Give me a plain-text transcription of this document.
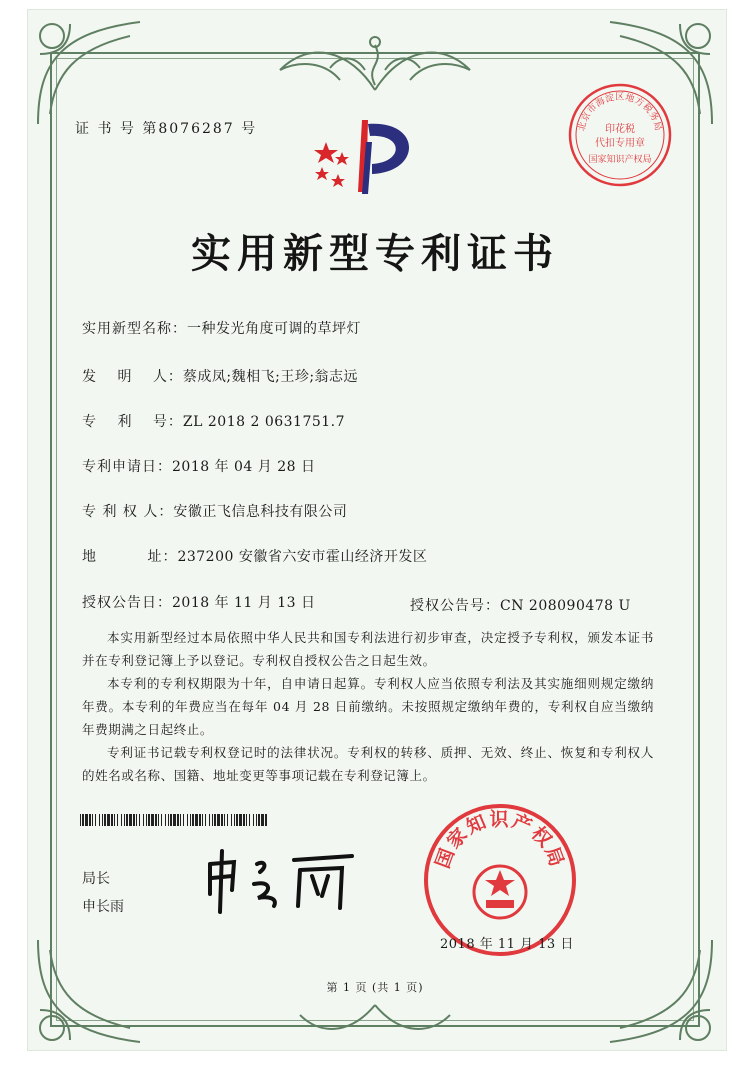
证 书 号 第8076287 号
实用新型专利证书
实用新型名称：一种发光角度可调的草坪灯
发　 明　 人：蔡成凤;魏相飞;王珍;翁志远
专　 利　 号：ZL 2018 2 0631751.7
专利申请日：2018 年 04 月 28 日
专 利 权 人：安徽正飞信息科技有限公司
地　　　 址：237200 安徽省六安市霍山经济开发区
授权公告日：2018 年 11 月 13 日	授权公告号：CN 208090478 U
本实用新型经过本局依照中华人民共和国专利法进行初步审查，决定授予专利权，颁发本证书并在专利登记簿上予以登记。专利权自授权公告之日起生效。
本专利的专利权期限为十年，自申请日起算。专利权人应当依照专利法及其实施细则规定缴纳年费。本专利的年费应当在每年 04 月 28 日前缴纳。未按照规定缴纳年费的，专利权自应当缴纳年费期满之日起终止。
专利证书记载专利权登记时的法律状况。专利权的转移、质押、无效、终止、恢复和专利权人的姓名或名称、国籍、地址变更等事项记载在专利登记簿上。
局长
申长雨
国家知识产权局
2018 年 11 月 13 日
北京市海淀区地方税务局
印花税
代扣专用章
国家知识产权局
第 1 页 (共 1 页)
